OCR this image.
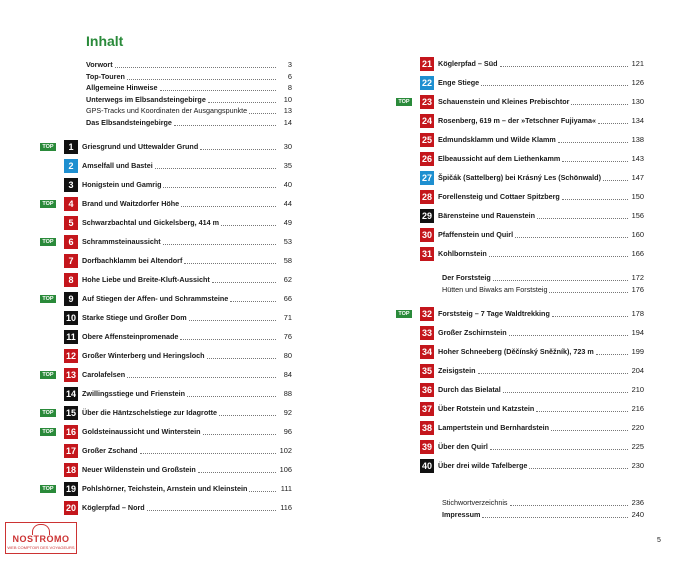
Inhalt
Vorwort	3
Top-Touren	6
Allgemeine Hinweise	8
Unterwegs im Elbsandsteingebirge	10
GPS-Tracks und Koordinaten der Ausgangspunkte	13
Das Elbsandsteingebirge	14
TOP	1	Griesgrund und Uttewalder Grund	30
2	Amselfall und Bastei	35
3	Honigstein und Gamrig	40
TOP	4	Brand und Waitzdorfer Höhe	44
5	Schwarzbachtal und Gickelsberg, 414 m	49
TOP	6	Schrammsteinaussicht	53
7	Dorfbachklamm bei Altendorf	58
8	Hohe Liebe und Breite-Kluft-Aussicht	62
TOP	9	Auf Stiegen der Affen- und Schrammsteine	66
10 Starke Stiege und Großer Dom	71
11 Obere Affensteinpromenade	76
12 Großer Winterberg und Heringsloch	80
TOP 13 Carolafelsen	84
14 Zwillingsstiege und Frienstein	88
TOP 15 Über die Häntzschelstiege zur Idagrotte	92
TOP 16 Goldsteinaussicht und Winterstein	96
17 Großer Zschand	102
18 Neuer Wildenstein und Großstein	106
TOP 19 Pohlshörner, Teichstein, Arnstein und Kleinstein	111
20 Köglerpfad – Nord	116
21 Köglerpfad – Süd	121
22 Enge Stiege	126
TOP 23 Schauenstein und Kleines Prebischtor	130
24 Rosenberg, 619 m – der »Tetschner Fujiyama«	134
25 Edmundsklamm und Wilde Klamm	138
26 Elbeaussicht auf dem Liethenkamm	143
27 Špičák (Sattelberg) bei Krásný Les (Schönwald)	147
28 Forellensteig und Cottaer Spitzberg	150
29 Bärensteine und Rauenstein	156
30 Pfaffenstein und Quirl	160
31 Kohlbornstein	166
Der Forststeig	172
Hütten und Biwaks am Forststeig	176
TOP 32 Forststeig – 7 Tage Waldtrekking	178
33 Großer Zschirnstein	194
34 Hoher Schneeberg (Děčínský Sněžník), 723 m	199
35 Zeisigstein	204
36 Durch das Bielatal	210
37 Über Rotstein und Katzstein	216
38 Lampertstein und Bernhardstein	220
39 Über den Quirl	225
40 Über drei wilde Tafelberge	230
Stichwortverzeichnis	236
Impressum	240
NOSTROMO
WEB COMPTOIR DES VOYAGEURS
5
